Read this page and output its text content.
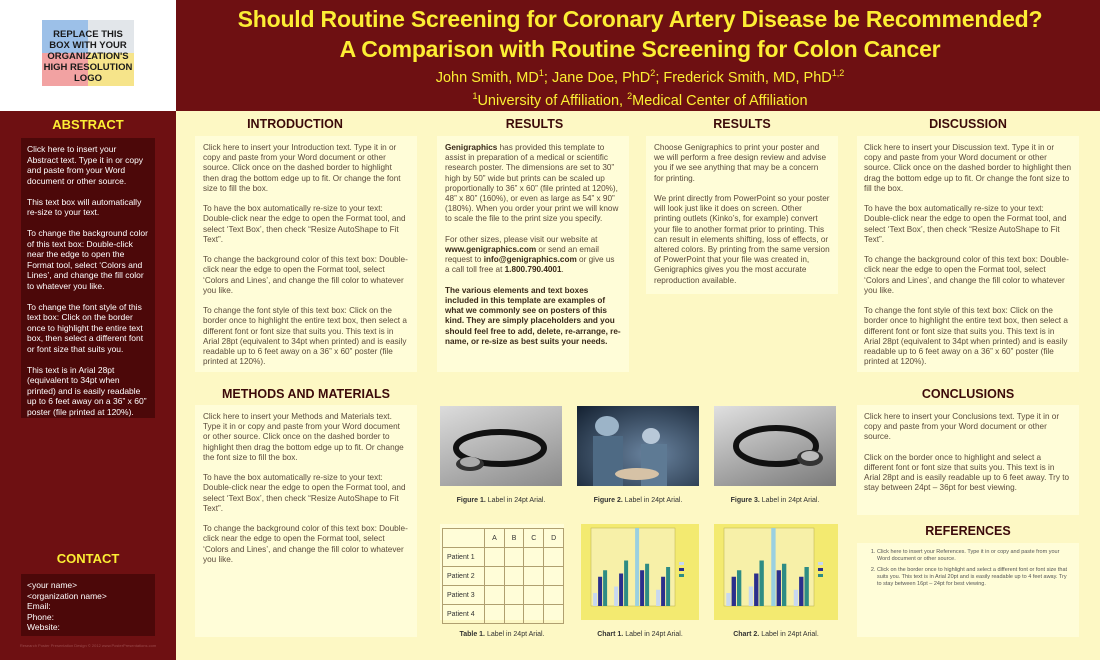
REPLACE THIS BOX WITH YOUR ORGANIZATION'S HIGH RESOLUTION LOGO
Should Routine Screening for Coronary Artery Disease be Recommended?
A Comparison with Routine Screening for Colon Cancer
John Smith, $MD^1$; Jane Doe, PhD$^2$; Frederick Smith, MD, PhD$^{1,2}$
$^1$University of Affiliation, $^2$Medical Center of Affiliation
ABSTRACT
Click here to insert your Abstract text. Type it in or copy and paste from your Word document or other source.

This text box will automatically re-size to your text.

To change the background color of this text box: Double-click near the edge to open the Format tool, select ‘Colors and Lines’, and change the fill color to whatever you like.

To change the font style of this text box: Click on the border once to highlight the entire text box, then select a different font or font size that suits you.

This text is in Arial 28pt (equivalent to 34pt when printed) and is easily readable up to 6 feet away on a 36” x 60” poster (file printed at 120%).
CONTACT
<your name>
<organization name>
Email:
Phone:
Website:
Research Poster Presentation Design © 2012 www.PosterPresentations.com
INTRODUCTION
Click here to insert your Introduction text. Type it in or copy and paste from your Word document or other source. Click once on the dashed border to highlight then drag the bottom edge up to fit. Or change the font size to fill the box.

To have the box automatically re-size to your text: Double-click near the edge to open the Format tool, and select ‘Text Box’, then check “Resize AutoShape to Fit Text”.

To change the background color of this text box: Double-click near the edge to open the Format tool, select ‘Colors and Lines’, and change the fill color to whatever you like.

To change the font style of this text box: Click on the border once to highlight the entire text box, then select a different font or font size that suits you. This text is in Arial 28pt (equivalent to 34pt when printed) and is easily readable up to 6 feet away on a 36” x 60” poster (file printed at 120%).
METHODS AND MATERIALS
Click here to insert your Methods and Materials text. Type it in or copy and paste from your Word document or other source. Click once on the dashed border to highlight then drag the bottom edge up to fit. Or change the font size to fill the box.

To have the box automatically re-size to your text: Double-click near the edge to open the Format tool, and select ‘Text Box’, then check “Resize AutoShape to Fit Text”.

To change the background color of this text box: Double-click near the edge to open the Format tool, select ‘Colors and Lines’, and change the fill color to whatever you like.
RESULTS
Genigraphics has provided this template to assist in preparation of a medical or scientific research poster. The dimensions are set to 30” high by 50” wide but prints can be scaled up proportionally to 36” x 60” (file printed at 120%), 48” x 80” (160%), or even as large as 54” x 90” (180%). When you order your print we will know to scale the file to the print size you specify.

For other sizes, please visit our website at www.genigraphics.com or send an email request to info@genigraphics.com or give us a call toll free at 1.800.790.4001.

The various elements and text boxes included in this template are examples of what we commonly see on posters of this kind. They are simply placeholders and you should feel free to add, delete, re-arrange, re-name, or re-size as best suits your needs.
RESULTS
Choose Genigraphics to print your poster and we will perform a free design review and advise you if we see anything that may be a concern for printing.

We print directly from PowerPoint so your poster will look just like it does on screen. Other printing outlets (Kinko’s, for example) convert your file to another format prior to printing. This can result in elements shifting, loss of effects, or altered colors. By printing from the same version of PowerPoint that your file was created in, Genigraphics gives you the most accurate reproduction available.
DISCUSSION
Click here to insert your Discussion text. Type it in or copy and paste from your Word document or other source. Click once on the dashed border to highlight then drag the bottom edge up to fit. Or change the font size to fill the box.

To have the box automatically re-size to your text: Double-click near the edge to open the Format tool, and select ‘Text Box’, then check “Resize AutoShape to Fit Text”.

To change the background color of this text box: Double-click near the edge to open the Format tool, select ‘Colors and Lines’, and change the fill color to whatever you like.

To change the font style of this text box: Click on the border once to highlight the entire text box, then select a different font or font size that suits you. This text is in Arial 28pt (equivalent to 34pt when printed) and is easily readable up to 6 feet away on a 36” x 60” poster (file printed at 120%).
CONCLUSIONS
Click here to insert your Conclusions text. Type it in or copy and paste from your Word document or other source.

Click on the border once to highlight and select a different font or font size that suits you. This text is in Arial 28pt and is easily readable up to 6 feet away. Try to stay between 24pt – 36pt for best viewing.
REFERENCES
1. Click here to insert your References. Type it in or copy and paste from your Word document or other source.
2. Click on the border once to highlight and select a different font or font size that suits you. This text is in Arial 20pt and is easily readable up to 4 feet away. Try to stay between 16pt – 24pt for best viewing.
Figure 1. Label in 24pt Arial.	Figure 2. Label in 24pt Arial.	Figure 3. Label in 24pt Arial.
	A	B	C	D
Patient 1				
Patient 2				
Patient 3				
Patient 4				
Table 1. Label in 24pt Arial.	Chart 1. Label in 24pt Arial.	Chart 2. Label in 24pt Arial.
